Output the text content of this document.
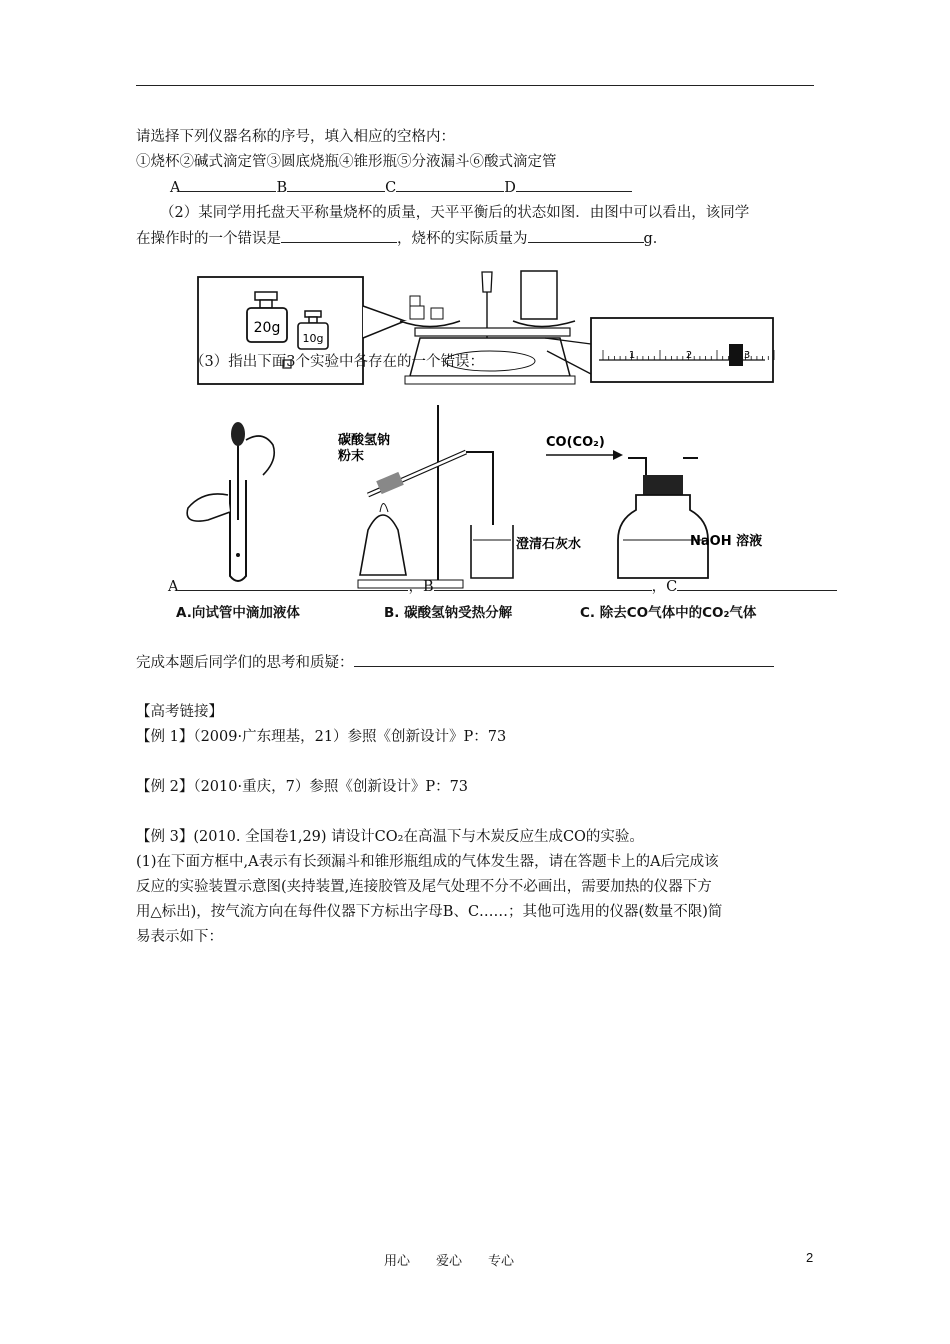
请选择下列仪器名称的序号，填入相应的空格内：
①烧杯②碱式滴定管③圆底烧瓶④锥形瓶⑤分液漏斗⑥酸式滴定管
A	B	C	D
（2）某同学用托盘天平称量烧杯的质量，天平平衡后的状态如图．由图中可以看出，该同学
在操作时的一个错误是	，烧杯的实际质量为	g．
20g
10g
1	2	3
（3）指出下面3个实验中各存在的一个错误：
碳酸氢钠
粉末
澄清石灰水
CO(CO₂)
NaOH 溶液
A	，B	，C
A.向试管中滴加液体	B. 碳酸氢钠受热分解	C. 除去CO气体中的CO₂气体
完成本题后同学们的思考和质疑：
【高考链接】
【例 1】（2009·广东理基，21）参照《创新设计》P：73
【例 2】（2010·重庆，7）参照《创新设计》P：73
【例 3】(2010. 全国卷1,29) 请设计CO₂在高温下与木炭反应生成CO的实验。
(1)在下面方框中,A表示有长颈漏斗和锥形瓶组成的气体发生器，请在答题卡上的A后完成该
反应的实验装置示意图(夹持装置,连接胶管及尾气处理不分不必画出，需要加热的仪器下方
用△标出)，按气流方向在每件仪器下方标出字母B、C……；其他可选用的仪器(数量不限)简
易表示如下：
用心　　爱心　　专心	2
